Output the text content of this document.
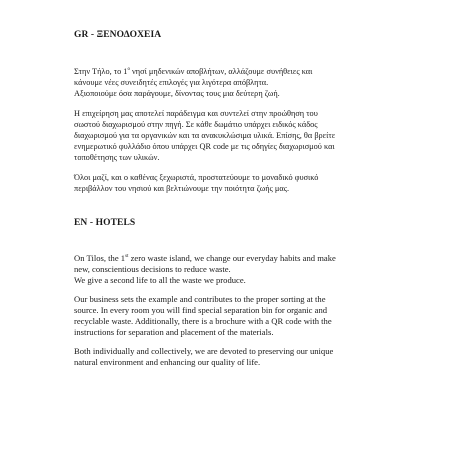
GR - ΞΕΝΟΔΟΧΕΙΑ
Στην Τήλο, το $1^o$ νησί μηδενικών αποβλήτων, αλλάζουμε συνήθειες και
κάνουμε νέες συνειδητές επιλογές για λιγότερα απόβλητα.
Αξιοποιούμε όσα παράγουμε, δίνοντας τους μια δεύτερη ζωή.
Η επιχείρηση μας αποτελεί παράδειγμα και συντελεί στην προώθηση του
σωστού διαχωρισμού στην πηγή. Σε κάθε δωμάτιο υπάρχει ειδικός κάδος
διαχωρισμού για τα οργανικών και τα ανακυκλώσιμα υλικά. Επίσης, θα βρείτε
ενημερωτικό φυλλάδιο όπου υπάρχει QR code με τις οδηγίες διαχωρισμού και
τοποθέτησης των υλικών.
Όλοι μαζί, και ο καθένας ξεχωριστά, προστατεύουμε το μοναδικό φυσικό
περιβάλλον του νησιού και βελτιώνουμε την ποιότητα ζωής μας.
EN - HOTELS
On Tilos, the 1st zero waste island, we change our everyday habits and make
new, conscientious decisions to reduce waste.
We give a second life to all the waste we produce.
Our business sets the example and contributes to the proper sorting at the
source. In every room you will find special separation bin for organic and
recyclable waste. Additionally, there is a brochure with a QR code with the
instructions for separation and placement of the materials.
Both individually and collectively, we are devoted to preserving our unique
natural environment and enhancing our quality of life.
